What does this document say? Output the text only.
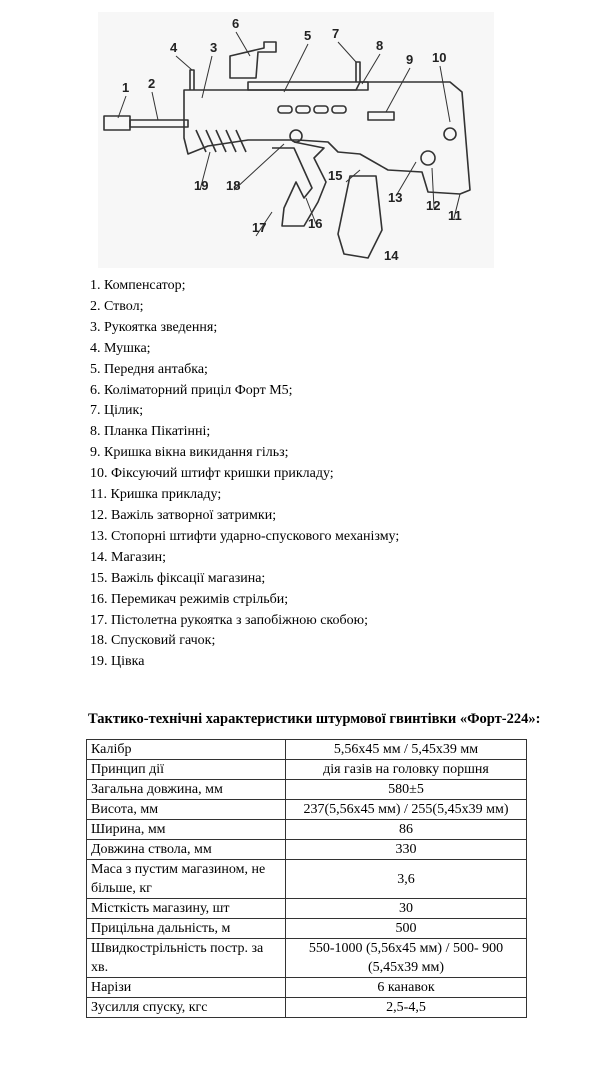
1 2
3
4
5
6
7
8
9 10
11
12
13
14
15
16
17
18
19
1. Компенсатор;
2. Ствол;
3. Рукоятка зведення;
4. Мушка;
5. Передня антабка;
6. Коліматорний приціл Форт М5;
7. Цілик;
8. Планка Пікатінні;
9. Кришка вікна викидання гільз;
10. Фіксуючий штифт кришки прикладу;
11. Кришка прикладу;
12. Важіль затворної затримки;
13. Стопорні штифти ударно-спускового механізму;
14. Магазин;
15. Важіль фіксації магазина;
16. Перемикач режимів стрільби;
17. Пістолетна рукоятка з запобіжною скобою;
18. Спусковий гачок;
19. Цівка
Тактико-технічні характеристики штурмової гвинтівки «Форт-224»:
Калібр	5,56х45 мм / 5,45х39 мм
Принцип дії	дія газів на головку поршня
Загальна довжина, мм	580±5
Висота, мм	237(5,56х45 мм) / 255(5,45х39 мм)
Ширина, мм	86
Довжина ствола, мм	330
Маса з пустим магазином, не більше, кг	3,6
Місткість магазину, шт	30
Прицільна дальність, м	500
Швидкострільність постр. за хв.	550-1000 (5,56х45 мм) / 500- 900 (5,45х39 мм)
Нарізи	6 канавок
Зусилля спуску, кгс	2,5-4,5
